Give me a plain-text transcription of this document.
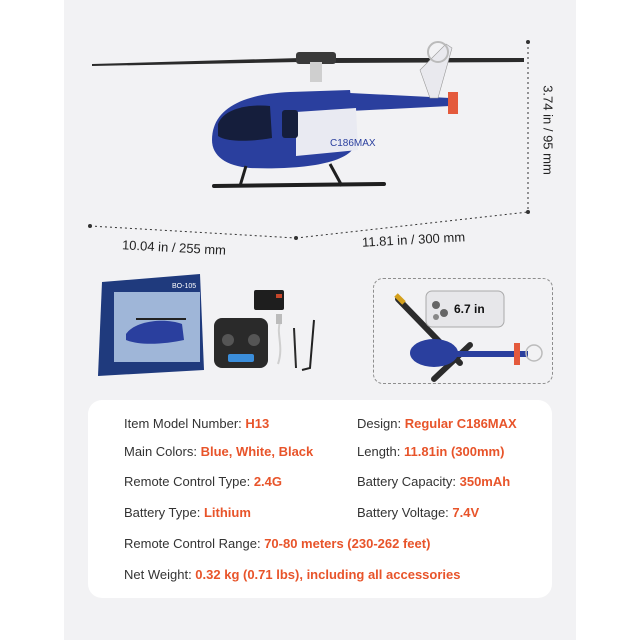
C186MAX
10.04 in / 255 mm	11.81 in / 300 mm
3.74 in / 95 mm
BO-105
6.7 in
Item Model Number: H13	Design: Regular C186MAX
Main Colors: Blue, White, Black	Length: 11.81in (300mm)
Remote Control Type: 2.4G	Battery Capacity: 350mAh
Battery Type: Lithium	Battery Voltage: 7.4V
Remote Control Range: 70-80 meters (230-262 feet)
Net Weight: 0.32 kg (0.71 lbs), including all accessories
